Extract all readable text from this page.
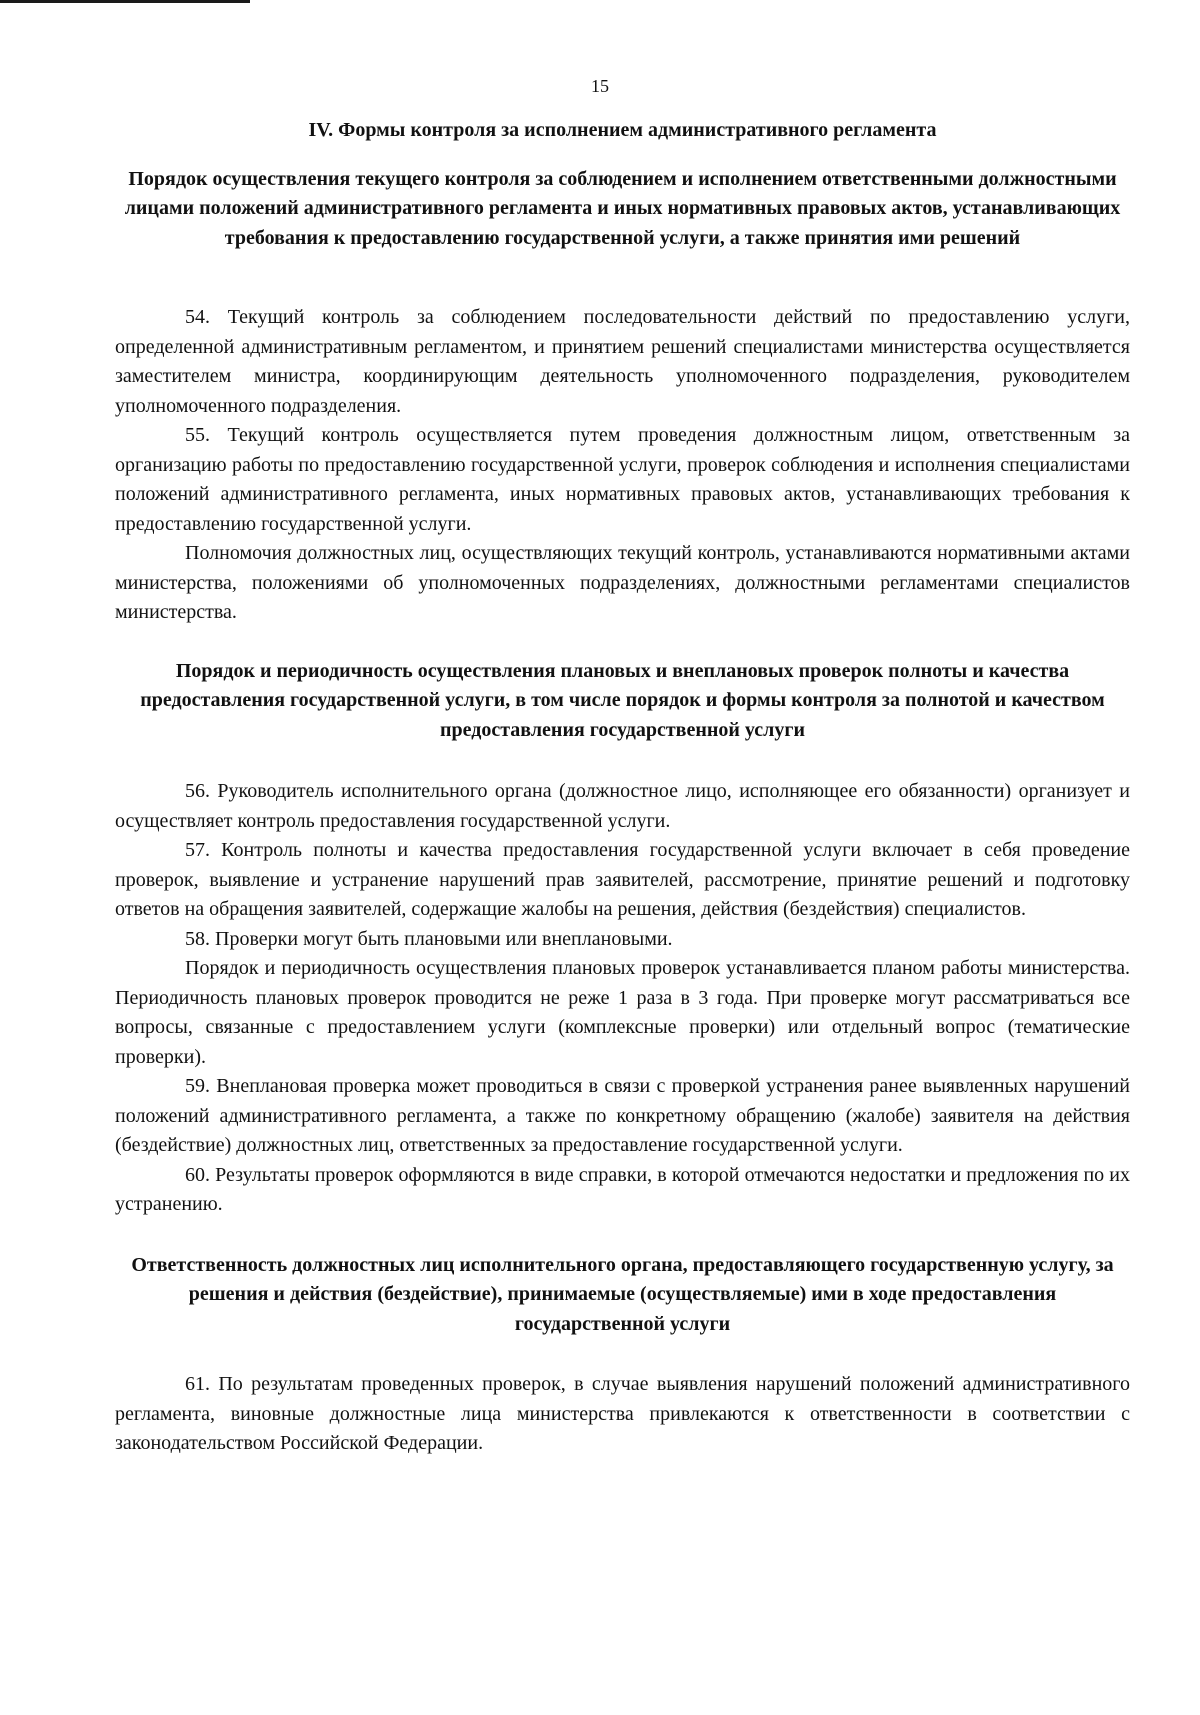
15

IV. Формы контроля за исполнением административного регламента

Порядок осуществления текущего контроля за соблюдением и исполнением ответственными должностными лицами положений административного регламента и иных нормативных правовых актов, устанавливающих требования к предоставлению государственной услуги, а также принятия ими решений

54. Текущий контроль за соблюдением последовательности действий по предоставлению услуги, определенной административным регламентом, и принятием решений специалистами министерства осуществляется заместителем министра, координирующим деятельность уполномоченного подразделения, руководителем уполномоченного подразделения.

55. Текущий контроль осуществляется путем проведения должностным лицом, ответственным за организацию работы по предоставлению государственной услуги, проверок соблюдения и исполнения специалистами положений административного регламента, иных нормативных правовых актов, устанавливающих требования к предоставлению государственной услуги.

Полномочия должностных лиц, осуществляющих текущий контроль, устанавливаются нормативными актами министерства, положениями об уполномоченных подразделениях, должностными регламентами специалистов министерства.

Порядок и периодичность осуществления плановых и внеплановых проверок полноты и качества предоставления государственной услуги, в том числе порядок и формы контроля за полнотой и качеством предоставления государственной услуги

56. Руководитель исполнительного органа (должностное лицо, исполняющее его обязанности) организует и осуществляет контроль предоставления государственной услуги.

57. Контроль полноты и качества предоставления государственной услуги включает в себя проведение проверок, выявление и устранение нарушений прав заявителей, рассмотрение, принятие решений и подготовку ответов на обращения заявителей, содержащие жалобы на решения, действия (бездействия) специалистов.

58. Проверки могут быть плановыми или внеплановыми.

Порядок и периодичность осуществления плановых проверок устанавливается планом работы министерства. Периодичность плановых проверок проводится не реже 1 раза в 3 года. При проверке могут рассматриваться все вопросы, связанные с предоставлением услуги (комплексные проверки) или отдельный вопрос (тематические проверки).

59. Внеплановая проверка может проводиться в связи с проверкой устранения ранее выявленных нарушений положений административного регламента, а также по конкретному обращению (жалобе) заявителя на действия (бездействие) должностных лиц, ответственных за предоставление государственной услуги.

60. Результаты проверок оформляются в виде справки, в которой отмечаются недостатки и предложения по их устранению.

Ответственность должностных лиц исполнительного органа, предоставляющего государственную услугу, за решения и действия (бездействие), принимаемые (осуществляемые) ими в ходе предоставления государственной услуги

61. По результатам проведенных проверок, в случае выявления нарушений положений административного регламента, виновные должностные лица министерства привлекаются к ответственности в соответствии с законодательством Российской Федерации.
